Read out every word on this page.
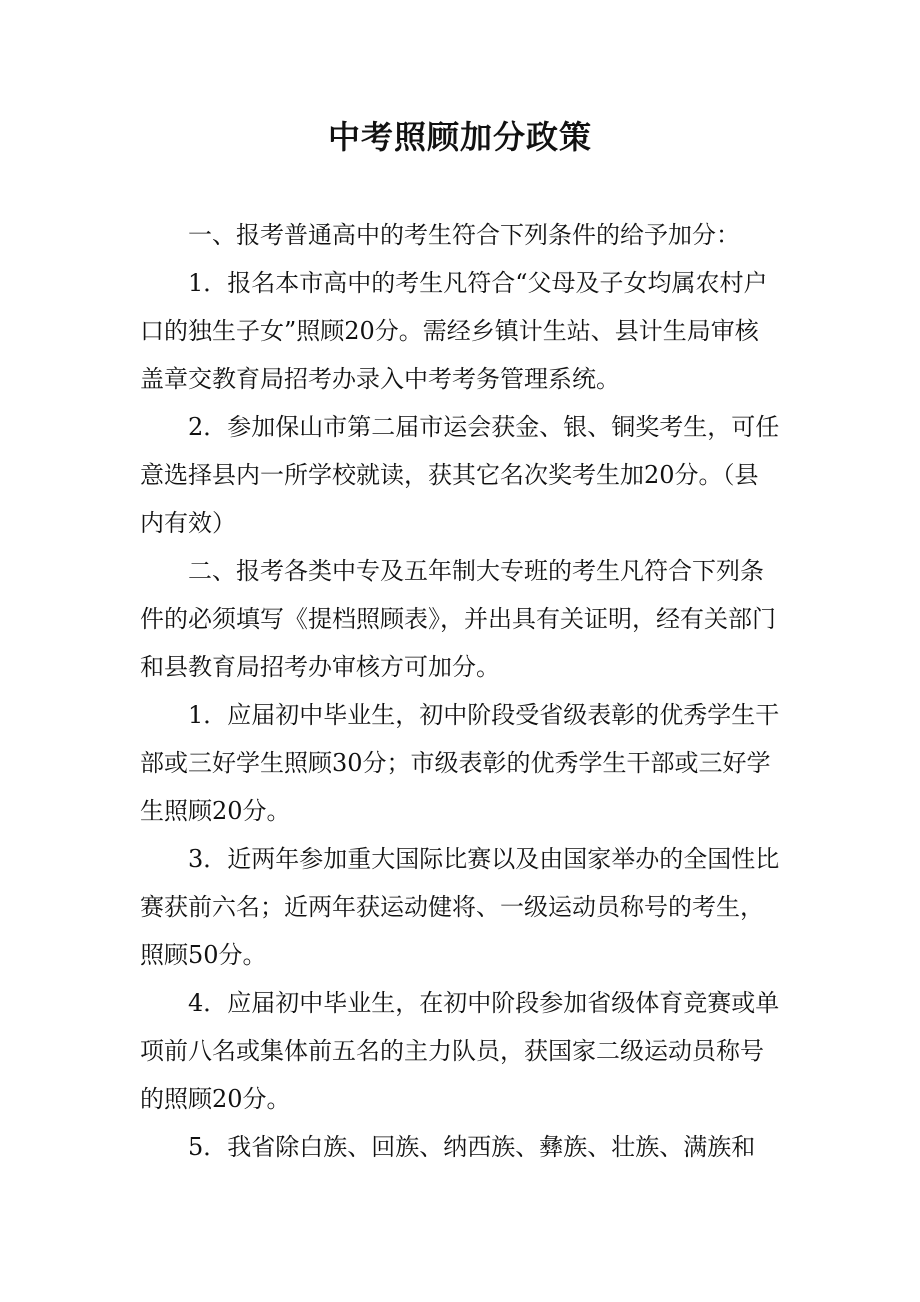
中考照顾加分政策

一、报考普通高中的考生符合下列条件的给予加分：

1．报名本市高中的考生凡符合“父母及子女均属农村户口的独生子女”照顾20分。需经乡镇计生站、县计生局审核盖章交教育局招考办录入中考考务管理系统。

2．参加保山市第二届市运会获金、银、铜奖考生，可任意选择县内一所学校就读，获其它名次奖考生加20分。（县内有效）

二、报考各类中专及五年制大专班的考生凡符合下列条件的必须填写《提档照顾表》，并出具有关证明，经有关部门和县教育局招考办审核方可加分。

1．应届初中毕业生，初中阶段受省级表彰的优秀学生干部或三好学生照顾30分；市级表彰的优秀学生干部或三好学生照顾20分。

3．近两年参加重大国际比赛以及由国家举办的全国性比赛获前六名；近两年获运动健将、一级运动员称号的考生，照顾50分。

4．应届初中毕业生，在初中阶段参加省级体育竞赛或单项前八名或集体前五名的主力队员，获国家二级运动员称号的照顾20分。

5．我省除白族、回族、纳西族、彝族、壮族、满族和
